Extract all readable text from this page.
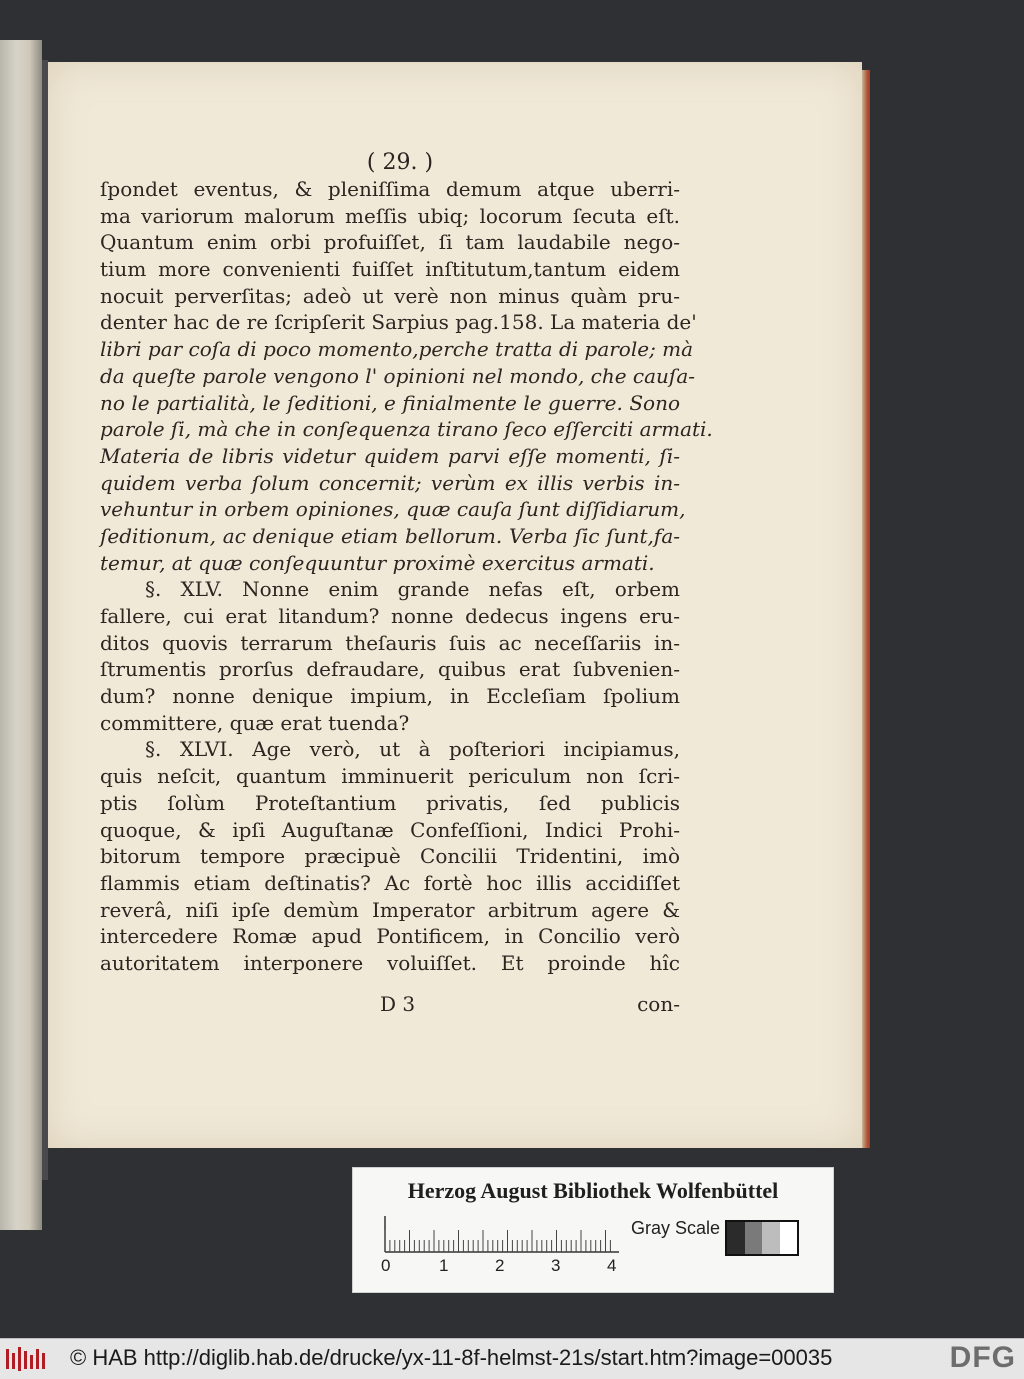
( 29. )
ſpondet eventus, & pleniſſima demum atque uberri-
ma variorum malorum meſſis ubiq; locorum ſecuta eſt.
Quantum enim orbi profuiſſet, ſi tam laudabile nego-
tium more convenienti fuiſſet inſtitutum,tantum eidem
nocuit perverſitas; adeò ut verè non minus quàm pru-
denter hac de re ſcripſerit Sarpius pag.158. La materia de'
libri par coſa di poco momento,perche tratta di parole; mà
da queſte parole vengono l' opinioni nel mondo, che cauſa-
no le partialità, le ſeditioni, e finialmente le guerre. Sono
parole ſi, mà che in conſequenza tirano ſeco eſſerciti armati.
Materia de libris videtur quidem parvi eſſe momenti, ſi-
quidem verba ſolum concernit; verùm ex illis verbis in-
vehuntur in orbem opiniones, quæ cauſa ſunt diſſidiarum,
ſeditionum, ac denique etiam bellorum. Verba ſic ſunt,fa-
temur, at quæ conſequuntur proximè exercitus armati.
§. XLV. Nonne enim grande nefas eſt, orbem
fallere, cui erat litandum? nonne dedecus ingens eru-
ditos quovis terrarum theſauris ſuis ac neceſſariis in-
ſtrumentis prorſus defraudare, quibus erat ſubvenien-
dum? nonne denique impium, in Eccleſiam ſpolium
committere, quæ erat tuenda?
§. XLVI. Age verò, ut à poſteriori incipiamus,
quis neſcit, quantum imminuerit periculum non ſcri-
ptis ſolùm Proteſtantium privatis, ſed publicis
quoque, & ipſi Auguſtanæ Confeſſioni, Indici Prohi-
bitorum tempore præcipuè Concilii Tridentini, imò
flammis etiam deſtinatis? Ac fortè hoc illis accidiſſet
reverâ, niſi ipſe demùm Imperator arbitrum agere &
intercedere Romæ apud Pontificem, in Concilio verò
autoritatem interponere voluiſſet. Et proinde hîc
D 3	con-
Herzog August Bibliothek Wolfenbüttel
0	1	2	3	4
Gray Scale
© HAB http://diglib.hab.de/drucke/yx-11-8f-helmst-21s/start.htm?image=00035	DFG
